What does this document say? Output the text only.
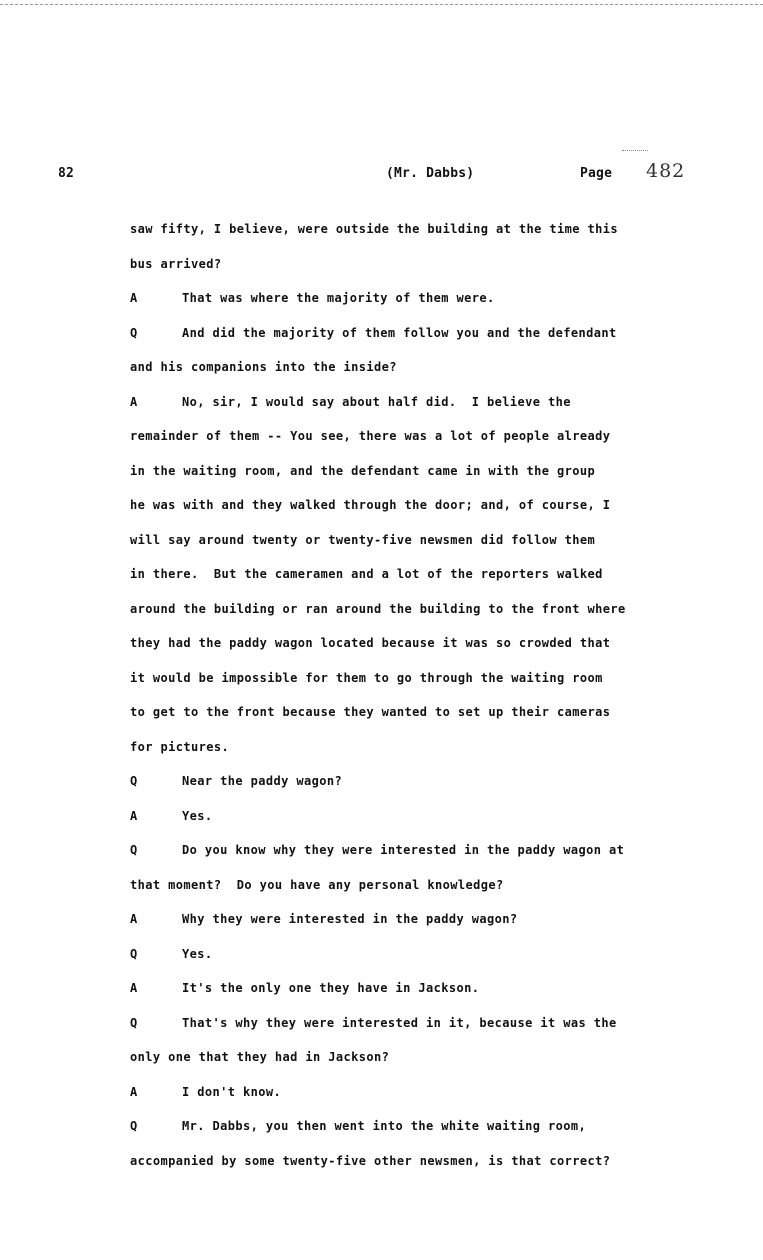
82	(Mr. Dabbs)	Page 482
saw fifty, I believe, were outside the building at the time this
bus arrived?
A	That was where the majority of them were.
Q	And did the majority of them follow you and the defendant
and his companions into the inside?
A	No, sir, I would say about half did.  I believe the
remainder of them -- You see, there was a lot of people already
in the waiting room, and the defendant came in with the group
he was with and they walked through the door; and, of course, I
will say around twenty or twenty-five newsmen did follow them
in there.  But the cameramen and a lot of the reporters walked
around the building or ran around the building to the front where
they had the paddy wagon located because it was so crowded that
it would be impossible for them to go through the waiting room
to get to the front because they wanted to set up their cameras
for pictures.
Q	Near the paddy wagon?
A	Yes.
Q	Do you know why they were interested in the paddy wagon at
that moment?  Do you have any personal knowledge?
A	Why they were interested in the paddy wagon?
Q	Yes.
A	It's the only one they have in Jackson.
Q	That's why they were interested in it, because it was the
only one that they had in Jackson?
A	I don't know.
Q	Mr. Dabbs, you then went into the white waiting room,
accompanied by some twenty-five other newsmen, is that correct?
